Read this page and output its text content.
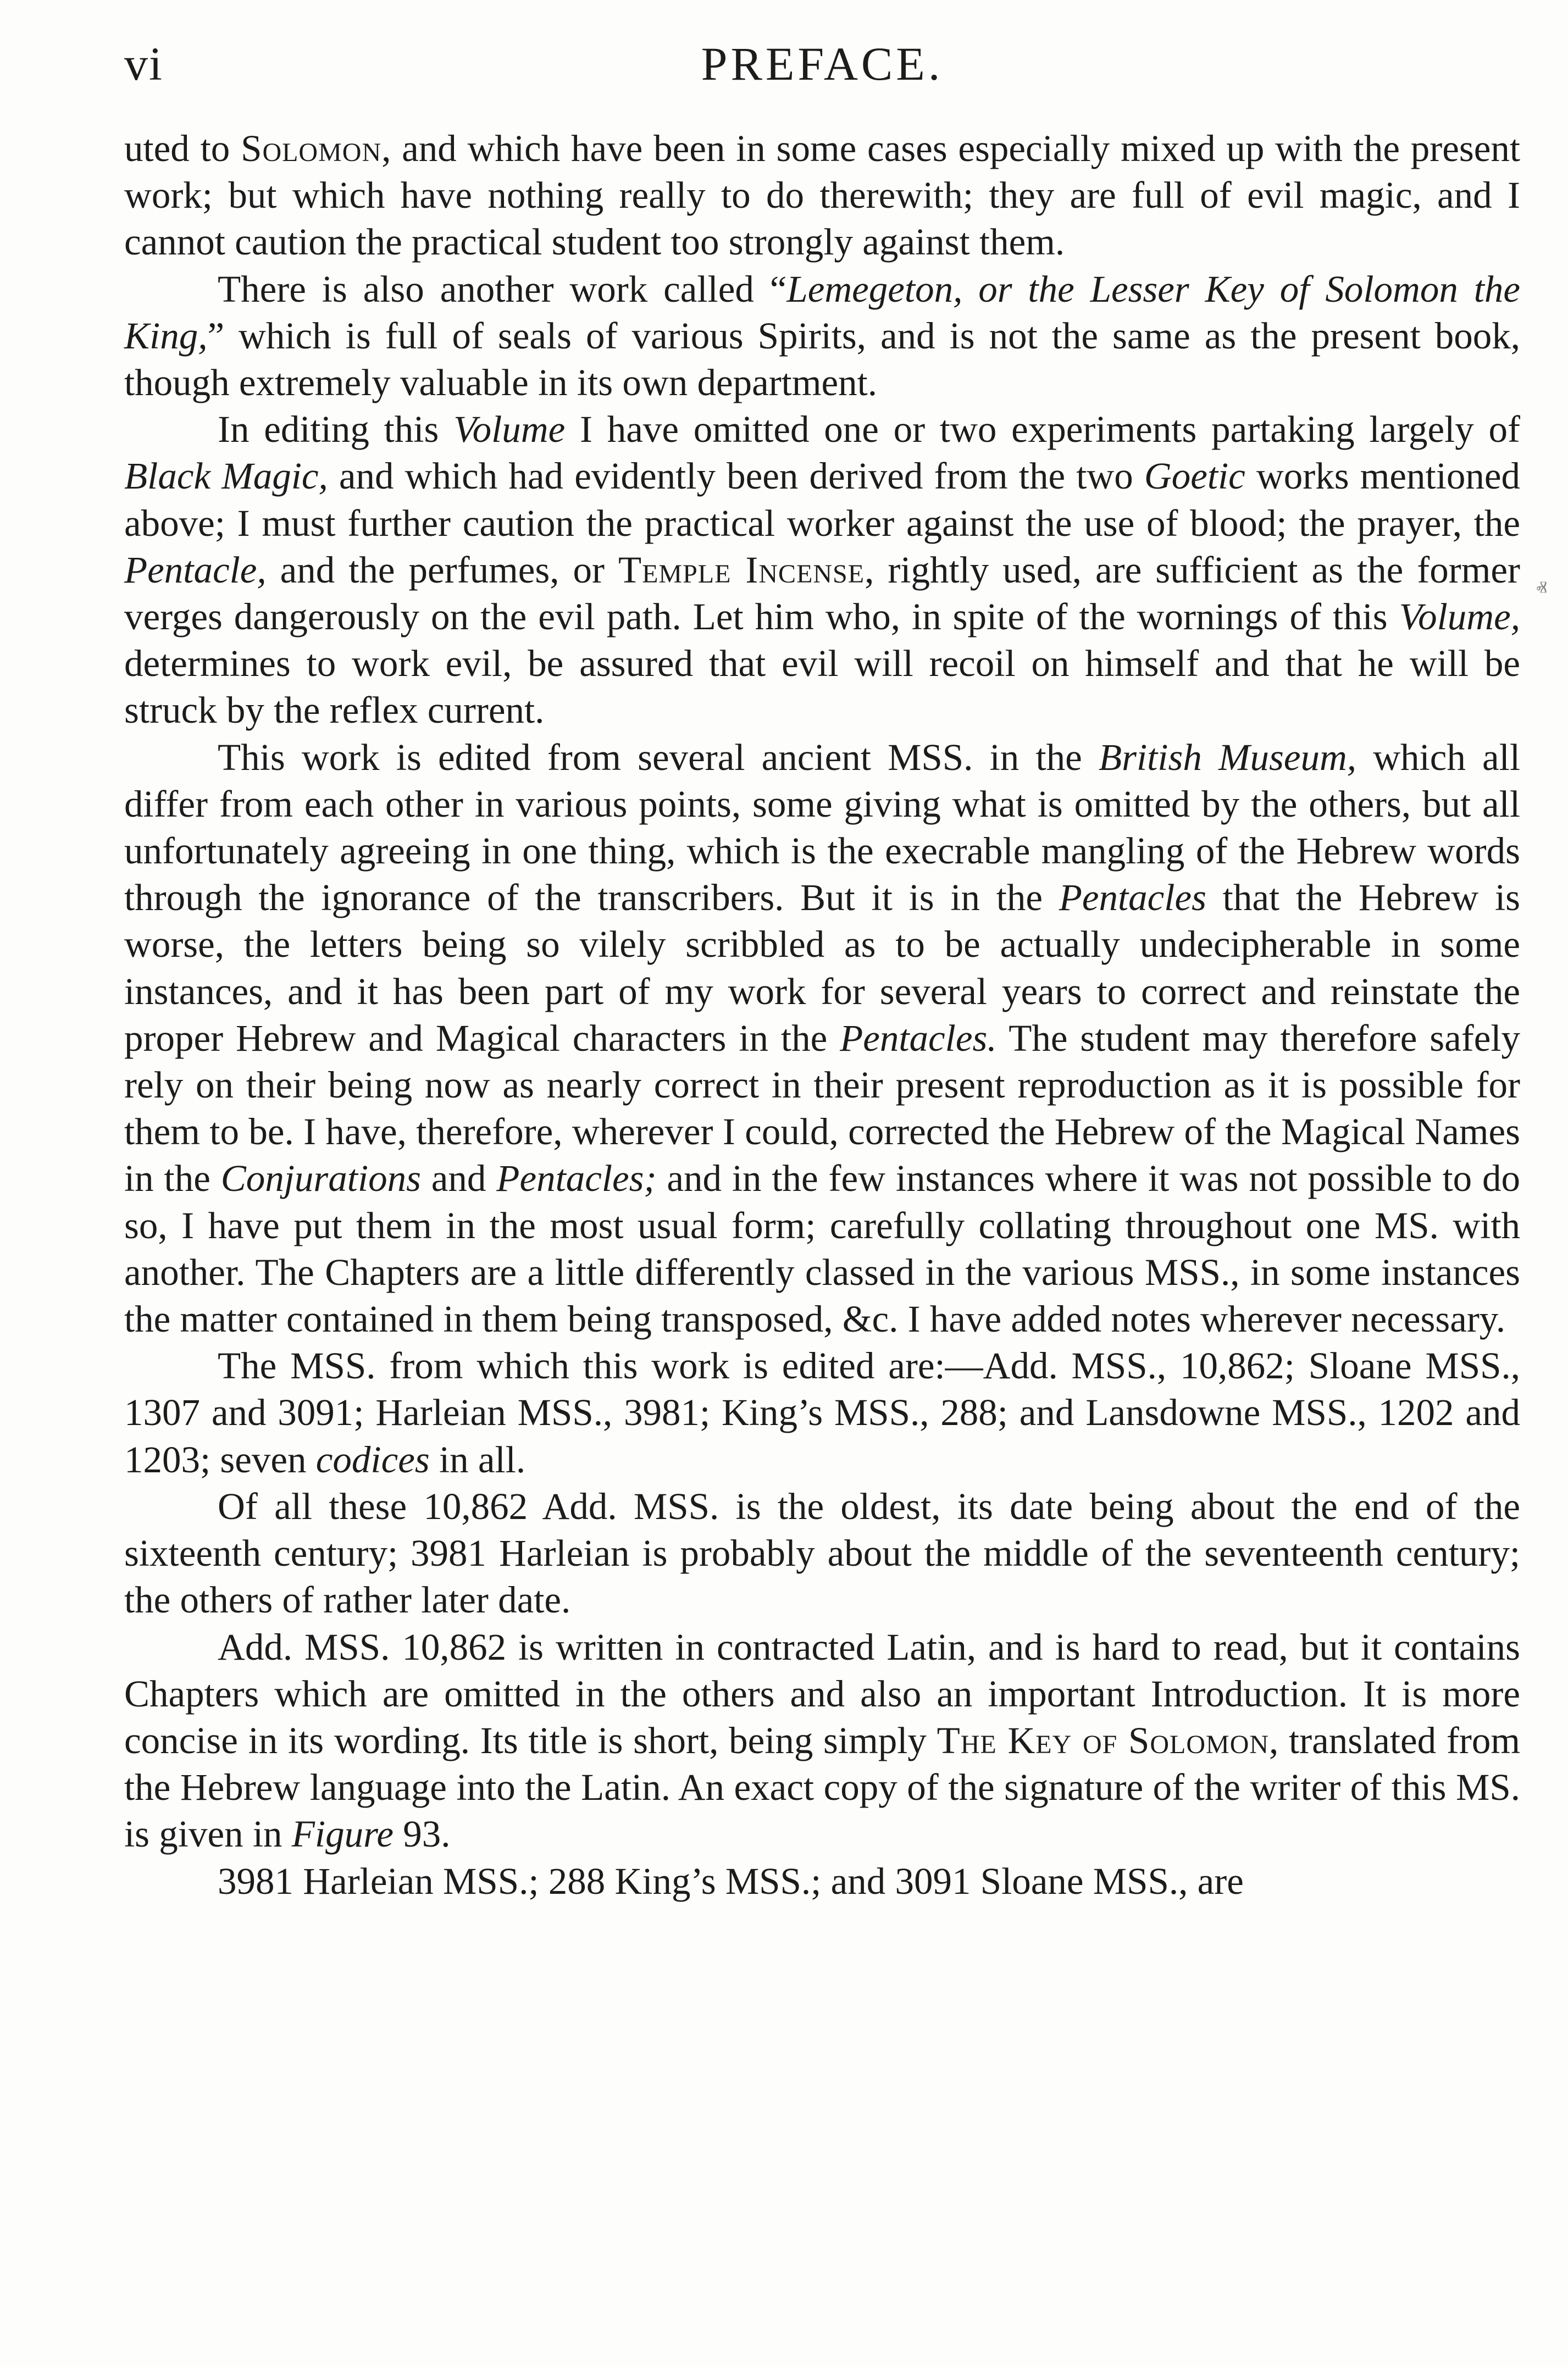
vi	PREFACE.

uted to Solomon, and which have been in some cases especially mixed up with the present work; but which have nothing really to do therewith; they are full of evil magic, and I cannot caution the practical student too strongly against them.

There is also another work called “Lemegeton, or the Lesser Key of Solomon the King,” which is full of seals of various Spirits, and is not the same as the present book, though extremely valuable in its own department.

In editing this Volume I have omitted one or two experiments partaking largely of Black Magic, and which had evidently been derived from the two Goetic works mentioned above; I must further caution the practical worker against the use of blood; the prayer, the Pentacle, and the perfumes, or Temple Incense, rightly used, are sufficient as the former verges dangerously on the evil path. Let him who, in spite of the wornings of this Volume, determines to work evil, be assured that evil will recoil on himself and that he will be struck by the reflex current.

This work is edited from several ancient MSS. in the British Museum, which all differ from each other in various points, some giving what is omitted by the others, but all unfortunately agreeing in one thing, which is the execrable mangling of the Hebrew words through the ignorance of the transcribers. But it is in the Pentacles that the Hebrew is worse, the letters being so vilely scribbled as to be actually undecipherable in some instances, and it has been part of my work for several years to correct and reinstate the proper Hebrew and Magical characters in the Pentacles. The student may therefore safely rely on their being now as nearly correct in their present reproduction as it is possible for them to be. I have, therefore, wherever I could, corrected the Hebrew of the Magical Names in the Conjurations and Pentacles; and in the few instances where it was not possible to do so, I have put them in the most usual form; carefully collating throughout one MS. with another. The Chapters are a little differently classed in the various MSS., in some instances the matter contained in them being transposed, &c. I have added notes wherever necessary.

The MSS. from which this work is edited are:—Add. MSS., 10,862; Sloane MSS., 1307 and 3091; Harleian MSS., 3981; King’s MSS., 288; and Lansdowne MSS., 1202 and 1203; seven codices in all.

Of all these 10,862 Add. MSS. is the oldest, its date being about the end of the sixteenth century; 3981 Harleian is probably about the middle of the seventeenth century; the others of rather later date.

Add. MSS. 10,862 is written in contracted Latin, and is hard to read, but it contains Chapters which are omitted in the others and also an important Introduction. It is more concise in its wording. Its title is short, being simply The Key of Solomon, translated from the Hebrew language into the Latin. An exact copy of the signature of the writer of this MS. is given in Figure 93.

3981 Harleian MSS.; 288 King’s MSS.; and 3091 Sloane MSS., are

ⱏ
